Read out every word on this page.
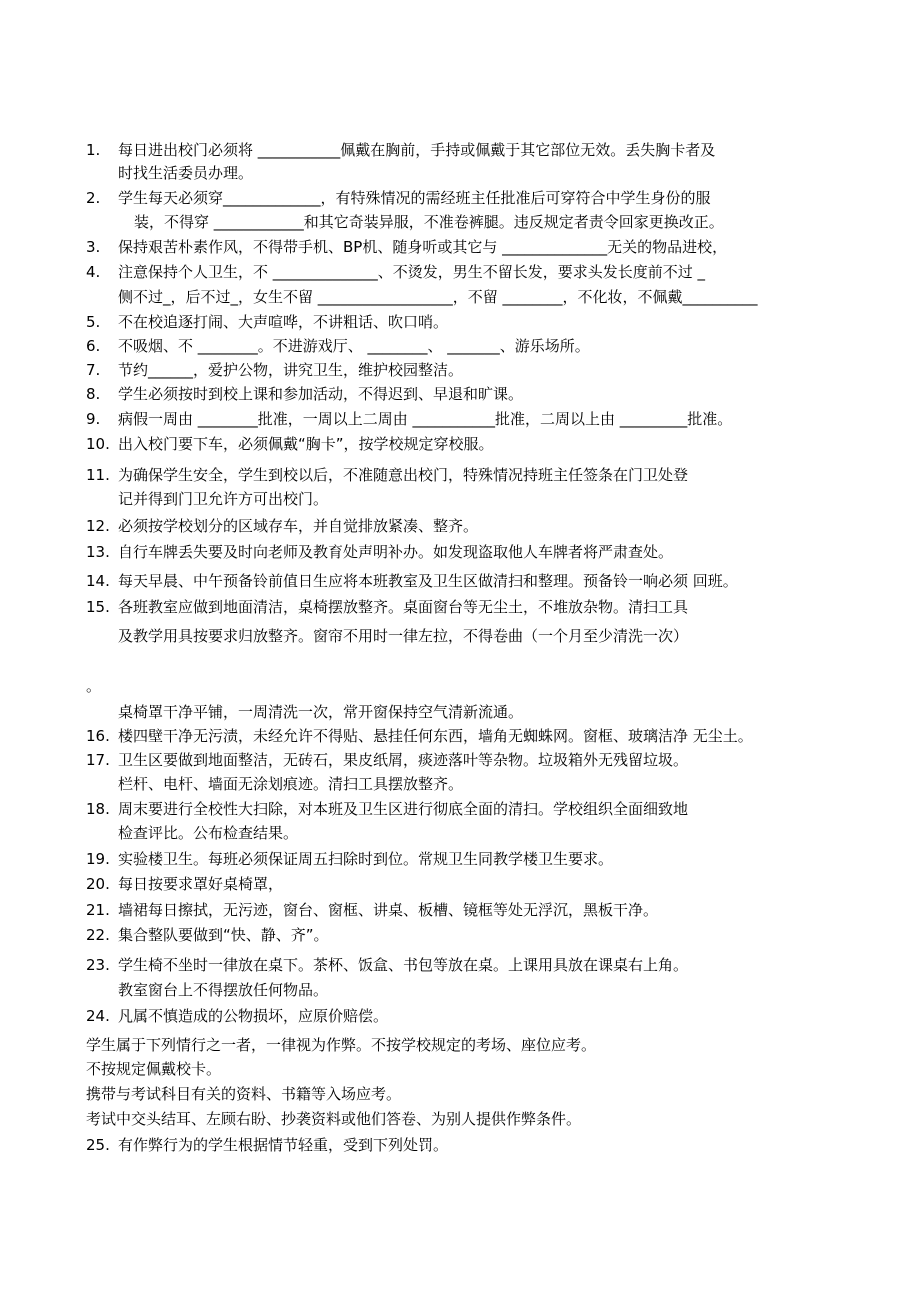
1.	每日进出校门必须将 ___________佩戴在胸前，手持或佩戴于其它部位无效。丢失胸卡者及
时找生活委员办理。
2.	学生每天必须穿_____________，有特殊情况的需经班主任批准后可穿符合中学生身份的服
装，不得穿 ____________和其它奇装异服，不准卷裤腿。违反规定者责令回家更换改正。
3.	保持艰苦朴素作风，不得带手机、BP机、随身听或其它与 ______________无关的物品进校，
4.	注意保持个人卫生，不 ______________、不烫发，男生不留长发，要求头发长度前不过 _
侧不过_，后不过_，女生不留 __________________，不留 ________，不化妆，不佩戴__________
5.	不在校追逐打闹、大声喧哗，不讲粗话、吹口哨。
6.	不吸烟、不 ________。不进游戏厅、 ________、 _______、游乐场所。
7.	节约______，爱护公物，讲究卫生，维护校园整洁。
8.	学生必须按时到校上课和参加活动，不得迟到、早退和旷课。
9.	病假一周由 ________批准，一周以上二周由 ___________批准，二周以上由 _________批准。
10. 出入校门要下车，必须佩戴“胸卡”，按学校规定穿校服。
11. 为确保学生安全，学生到校以后，不准随意出校门，特殊情况持班主任签条在门卫处登
记并得到门卫允许方可出校门。
12. 必须按学校划分的区域存车，并自觉排放紧凑、整齐。
13. 自行车牌丢失要及时向老师及教育处声明补办。如发现盗取他人车牌者将严肃查处。
14. 每天早晨、中午预备铃前值日生应将本班教室及卫生区做清扫和整理。预备铃一响必须 回班。
15. 各班教室应做到地面清洁，桌椅摆放整齐。桌面窗台等无尘土，不堆放杂物。清扫工具
及教学用具按要求归放整齐。窗帘不用时一律左拉，不得卷曲（一个月至少清洗一次）
。
桌椅罩干净平铺，一周清洗一次，常开窗保持空气清新流通。
16. 楼四壁干净无污渍，未经允许不得贴、悬挂任何东西，墙角无蜘蛛网。窗框、玻璃洁净 无尘土。
17. 卫生区要做到地面整洁，无砖石，果皮纸屑，痰迹落叶等杂物。垃圾箱外无残留垃圾。
栏杆、电杆、墙面无涂划痕迹。清扫工具摆放整齐。
18. 周末要进行全校性大扫除，对本班及卫生区进行彻底全面的清扫。学校组织全面细致地
检查评比。公布检查结果。
19. 实验楼卫生。每班必须保证周五扫除时到位。常规卫生同教学楼卫生要求。
20. 每日按要求罩好桌椅罩，
21. 墙裙每日擦拭，无污迹，窗台、窗框、讲桌、板槽、镜框等处无浮沉，黑板干净。
22. 集合整队要做到“快、静、齐”。
23. 学生椅不坐时一律放在桌下。茶杯、饭盒、书包等放在桌。上课用具放在课桌右上角。
教室窗台上不得摆放任何物品。
24. 凡属不慎造成的公物损坏，应原价赔偿。
学生属于下列情行之一者，一律视为作弊。不按学校规定的考场、座位应考。
不按规定佩戴校卡。
携带与考试科目有关的资料、书籍等入场应考。
考试中交头结耳、左顾右盼、抄袭资料或他们答卷、为别人提供作弊条件。
25. 有作弊行为的学生根据情节轻重，受到下列处罚。
